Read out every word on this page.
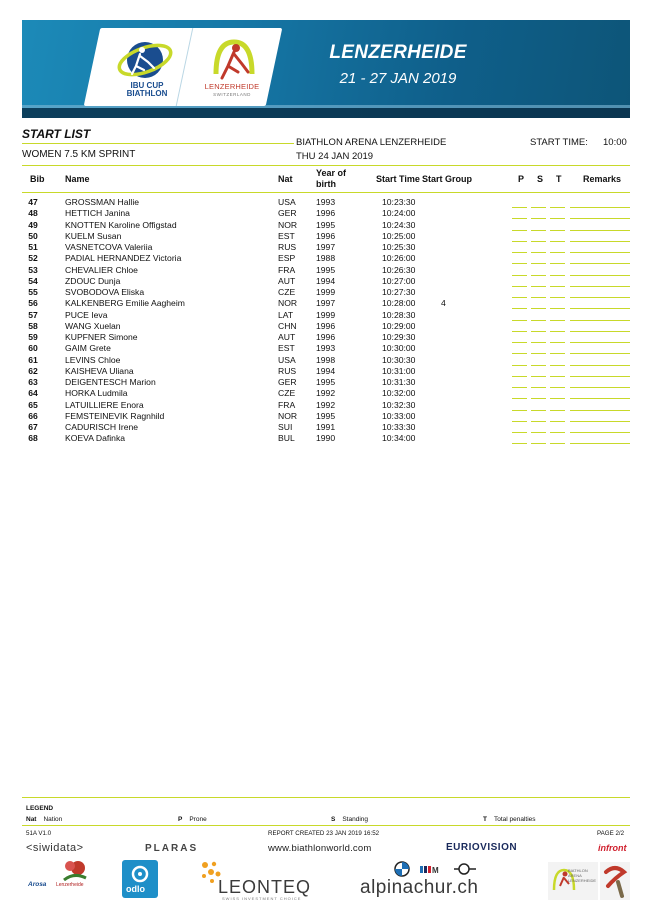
IBU CUP
BIATHLON
LENZERHEIDE
SWITZERLAND
LENZERHEIDE
21 - 27 JAN 2019
START LIST
WOMEN 7.5 KM SPRINT
BIATHLON ARENA LENZERHEIDE
THU 24 JAN 2019
START TIME: 10:00
Bib Name	Nat
Year of
birth	Start Time Start Group	P S T Remarks
47	GROSSMAN Hallie	USA 1993	10:23:30
48	HETTICH Janina	GER 1996	10:24:00
49	KNOTTEN Karoline Offigstad	NOR 1995	10:24:30
50	KUELM Susan	EST 1996	10:25:00
51	VASNETCOVA Valeriia	RUS 1997	10:25:30
52	PADIAL HERNANDEZ Victoria	ESP 1988	10:26:00
53	CHEVALIER Chloe	FRA 1995	10:26:30
54	ZDOUC Dunja	AUT 1994	10:27:00
55	SVOBODOVA Eliska	CZE 1999	10:27:30
56	KALKENBERG Emilie Aagheim	NOR 1997	10:28:00	4
57	PUCE Ieva	LAT	1999	10:28:30
58	WANG Xuelan	CHN 1996	10:29:00
59	KUPFNER Simone	AUT 1996	10:29:30
60	GAIM Grete	EST 1993	10:30:00
61	LEVINS Chloe	USA 1998	10:30:30
62	KAISHEVA Uliana	RUS 1994	10:31:00
63	DEIGENTESCH Marion	GER 1995	10:31:30
64	HORKA Ludmila	CZE 1992	10:32:00
65	LATUILLIERE Enora	FRA 1992	10:32:30
66	FEMSTEINEVIK Ragnhild	NOR 1995	10:33:00
67	CADURISCH Irene	SUI	1991	10:33:30
68	KOEVA Dafinka	BUL 1990	10:34:00
LEGEND
Nat Nation	P Prone	S Standing	T Total penalties
51A V1.0	REPORT CREATED 23 JAN 2019 16:52	PAGE 2/2
<siwidata>	PLARAS	www.biathlonworld.com	EURIOVISION	infront
Arosa Lenzerheide	odlo	LEONTEQ
SWISS INVESTMENT CHOICE
M
alpinachur.ch
BIATHLON ARENA LENZERHEIDE
